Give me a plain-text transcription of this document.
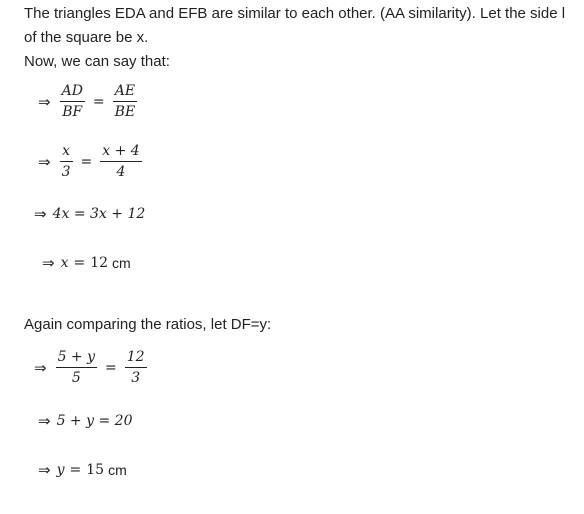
The triangles EDA and EFB are similar to each other. (AA similarity). Let the side l
of the square be x.
Now, we can say that:
⇒ $\frac{AD}{BF} = \frac{AE}{BE}$
⇒ $\frac{x}{3} = \frac{x + 4}{4}$
⇒ 4x = 3x + 12
⇒ x = 12 cm
Again comparing the ratios, let DF=y:
⇒ $\frac{5 + y}{5} = \frac{12}{3}$
⇒ 5 + y = 20
⇒ y = 15 cm
